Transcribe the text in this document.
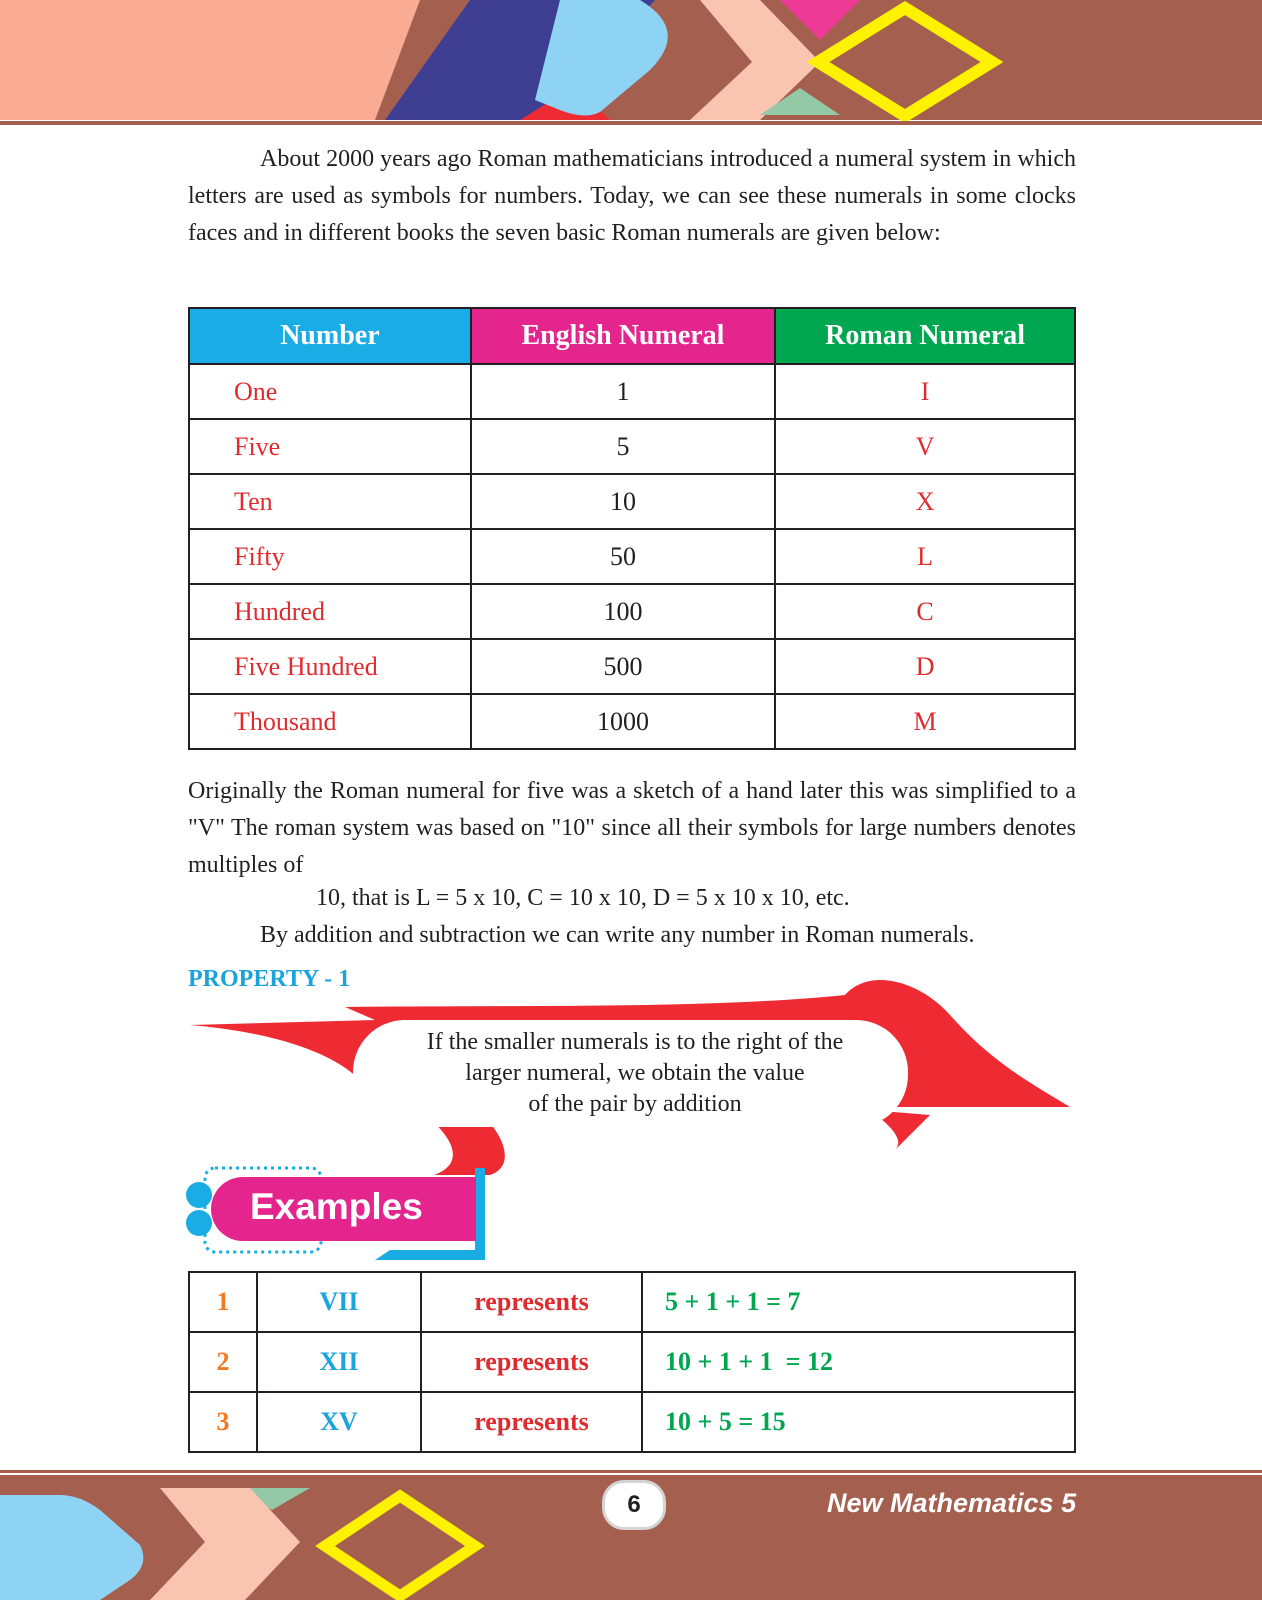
About 2000 years ago Roman mathematicians introduced a numeral system in which letters are used as symbols for numbers. Today, we can see these numerals in some clocks faces and in different books the seven basic Roman numerals are given below:
Number	English Numeral	Roman Numeral
One	1	I
Five	5	V
Ten	10	X
Fifty	50	L
Hundred	100	C
Five Hundred	500	D
Thousand	1000	M
Originally the Roman numeral for five was a sketch of a hand later this was simplified to a "V" The roman system was based on "10" since all their symbols for large numbers denotes multiples of
10, that is L = 5 x 10, C = 10 x 10, D = 5 x 10 x 10, etc.
By addition and subtraction we can write any number in Roman numerals.
PROPERTY - 1
If the smaller numerals is to the right of the
larger numeral, we obtain the value
of the pair by addition
Examples
1	VII	represents	5 + 1 + 1 = 7
2	XII	represents	10 + 1 + 1  = 12
3	XV	represents	10 + 5 = 15
6	New Mathematics 5
